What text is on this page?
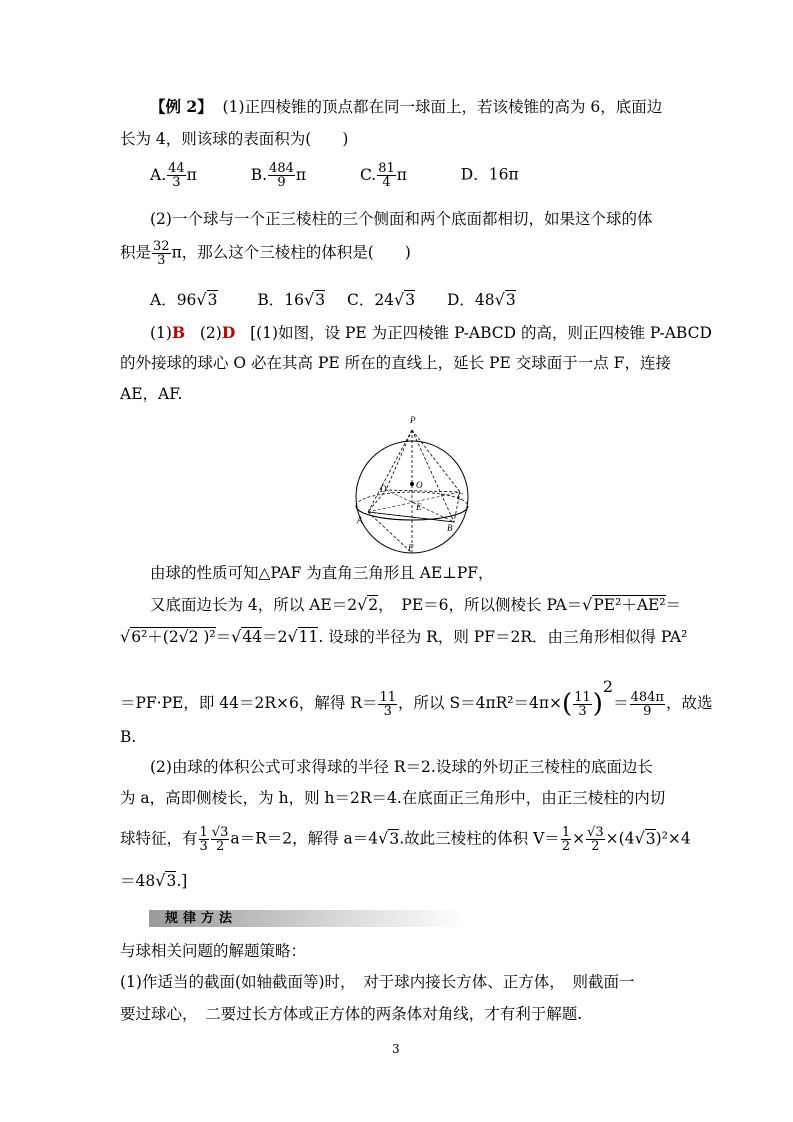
【例 2】 (1)正四棱锥的顶点都在同一球面上，若该棱锥的高为 6，底面边
长为 4，则该球的表面积为(　　)
A. $\frac{44}{3}$ π	B. $\frac{484}{9}$ π	C. $\frac{81}{4}$ π	D．16π
(2)一个球与一个正三棱柱的三个侧面和两个底面都相切，如果这个球的体
积是 $\frac{32}{3}$ π，那么这个三棱柱的体积是(　　)
A．96√3	B．16√3 C．24√3 D．48√3
(1)B (2)D [(1)如图，设 PE 为正四棱锥 P-ABCD 的高，则正四棱锥 P-ABCD
的外接球的球心 O 必在其高 PE 所在的直线上，延长 PE 交球面于一点 F，连接
AE，AF.
P
O
D
C
E
A
B
F
由球的性质可知△PAF 为直角三角形且 AE⊥PF，
又底面边长为 4，所以 AE＝2√2，　PE＝6，所以侧棱长 PA＝√PE²＋AE²＝
√6²＋(2√2 )²＝√44＝2√11. 设球的半径为 R，则 PF＝2R．由三角形相似得 PA²
＝PF·PE，即 44＝2R×6，解得 $R= \frac{11}{3}$ ，所以 $S=4\pi R^2=4\pi\times( \frac{11}{3} )^2= \frac{484\pi}{9}$ ，故选
B.
(2)由球的体积公式可求得球的半径 R＝2.设球的外切正三棱柱的底面边长
为 a，高即侧棱长，为 h，则 h＝2R＝4.在底面正三角形中，由正三棱柱的内切
球特征，有 $\frac{1}{3} \frac{√3}{2} a=R=2$，解得 a＝4√3.故此三棱柱的体积 $V= \frac{1}{2} \times \frac{√3}{2} \times(4√3)^2\times 4$
＝48√3.]
规律方法
与球相关问题的解题策略：
(1)作适当的截面(如轴截面等)时，　对于球内接长方体、正方体，　则截面一
要过球心，　二要过长方体或正方体的两条体对角线，才有利于解题.
3
